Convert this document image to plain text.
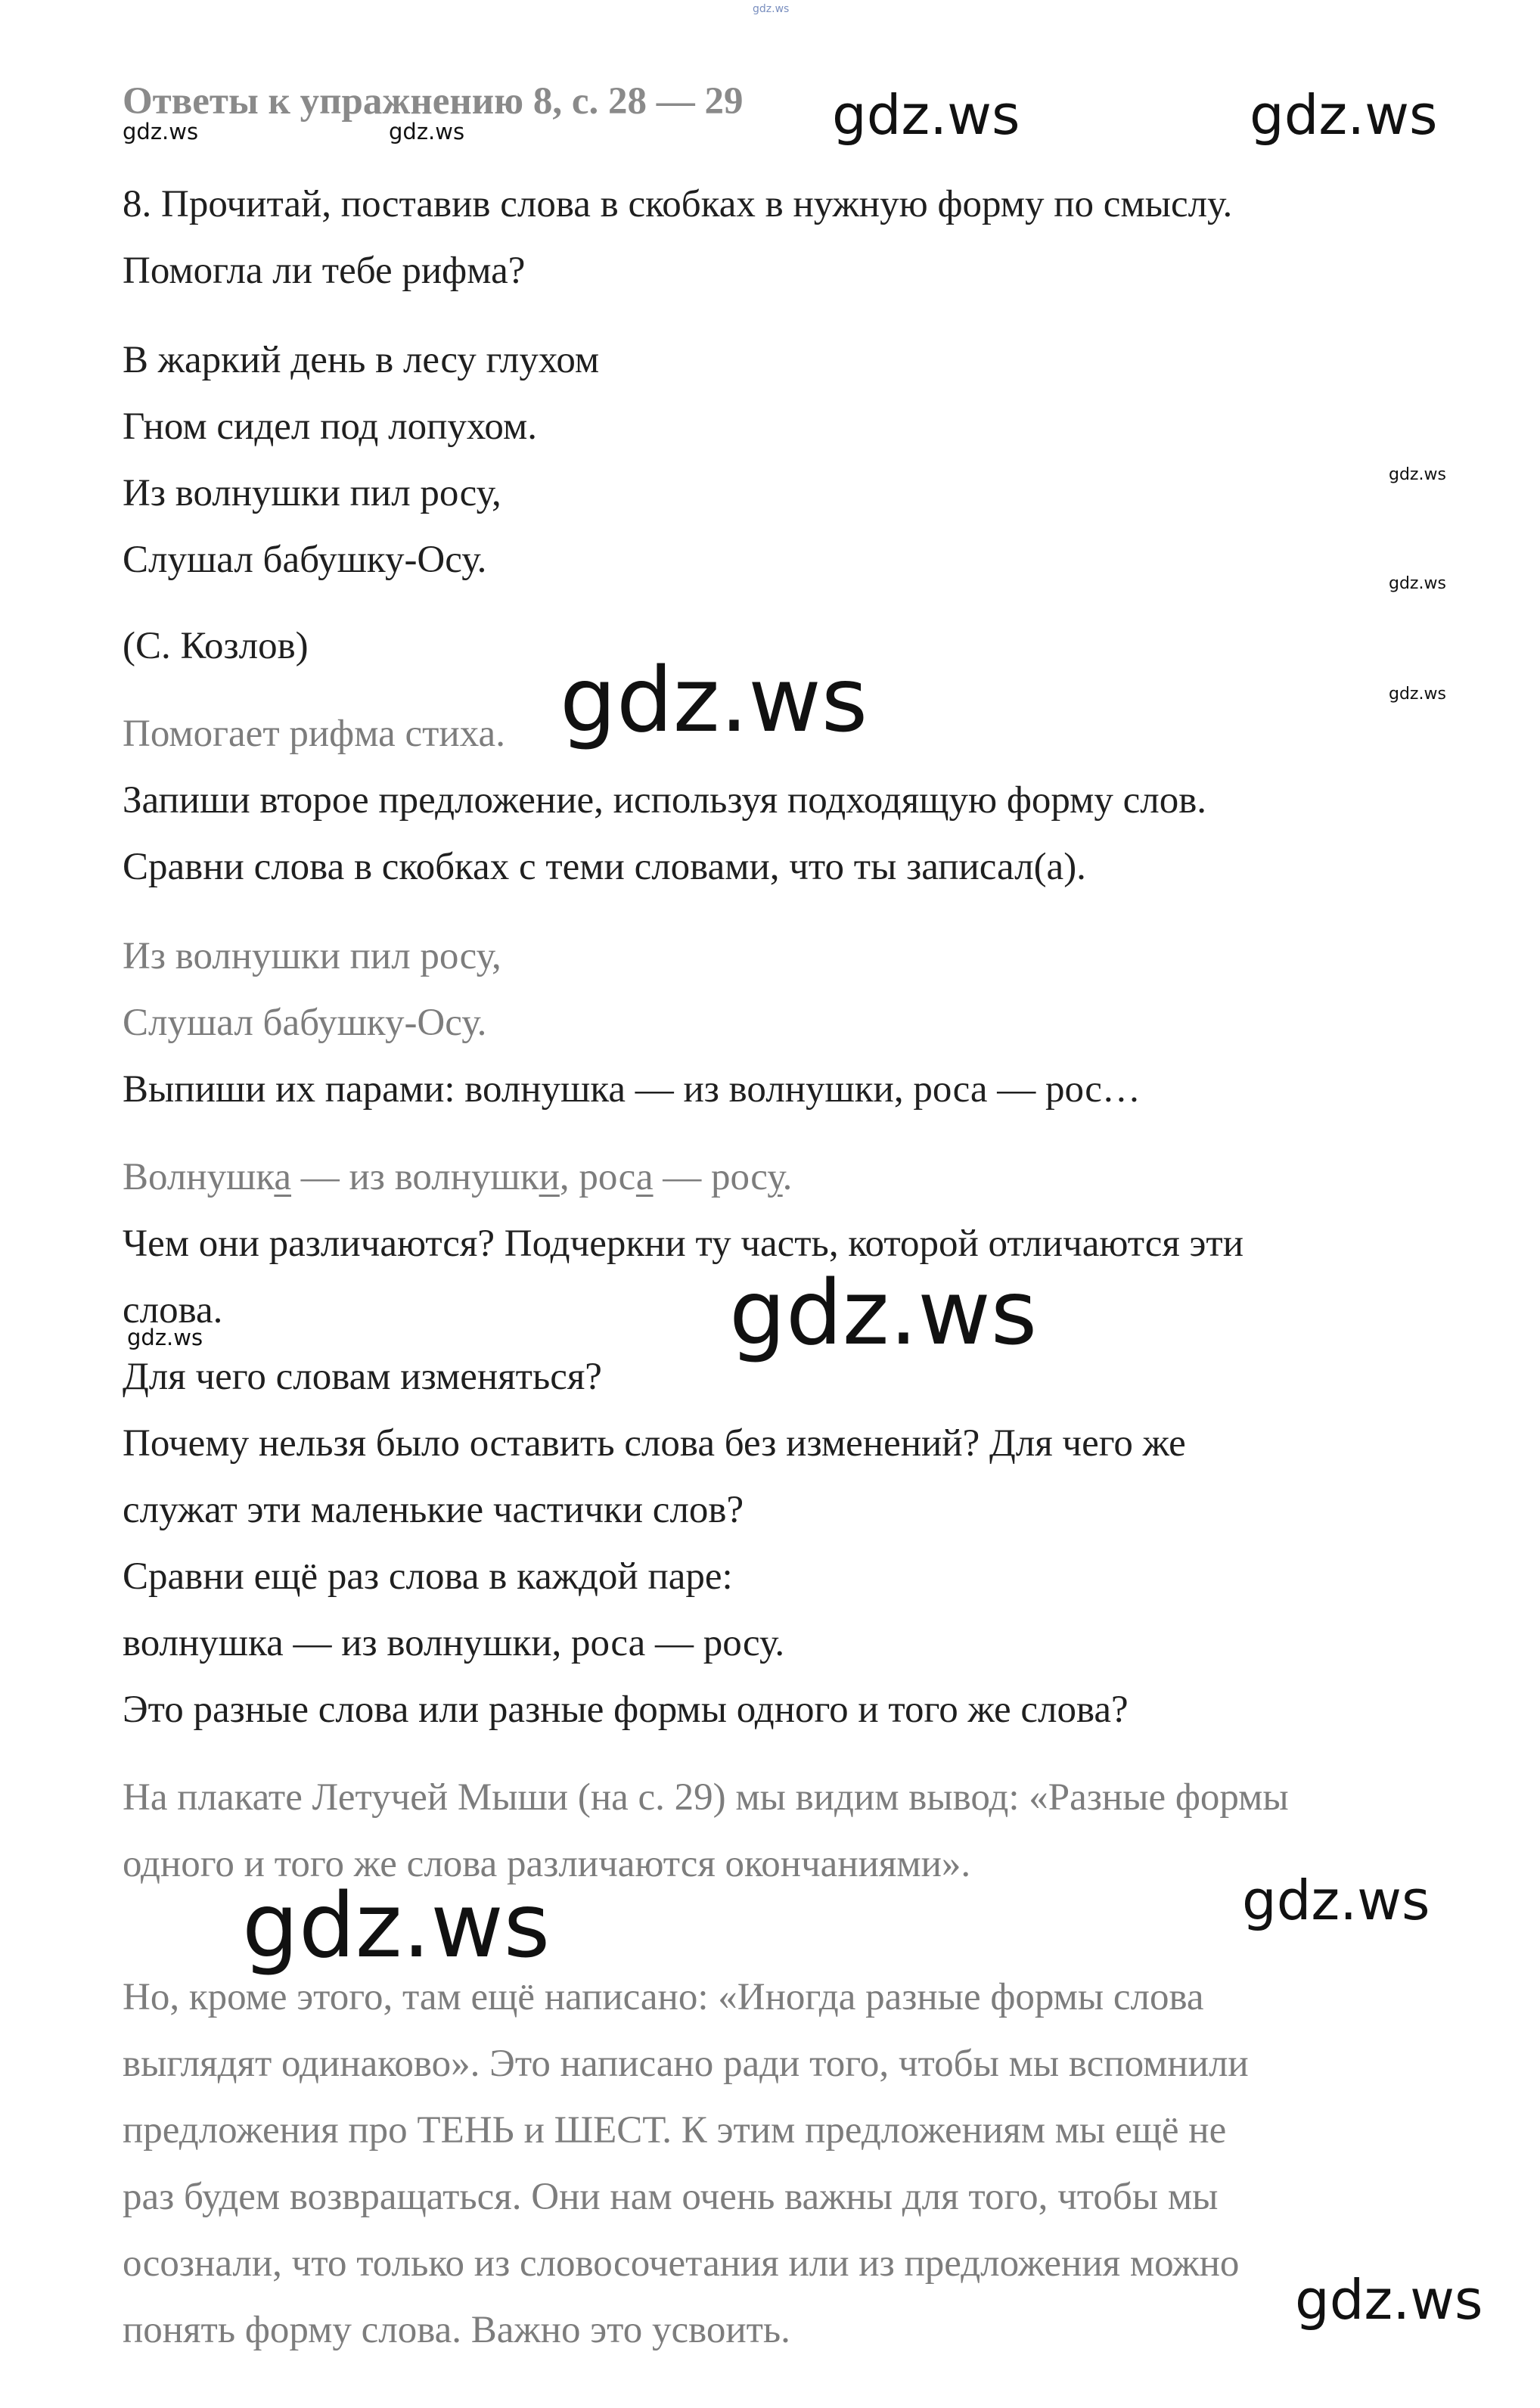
gdz.ws
Ответы к упражнению 8, с. 28 — 29 gdz.ws	gdz.ws
gdz.ws	gdz.ws
8. Прочитай, поставив слова в скобках в нужную форму по смыслу.
Помогла ли тебе рифма?
В жаркий день в лесу глухом
Гном сидел под лопухом.
Из волнушки пил росу,
Слушал бабушку-Осу.
(С. Козлов)
gdz.ws
gdz.ws
gdz.ws
Помогает рифма стиха. gdz.ws
Запиши второе предложение, используя подходящую форму слов.
Сравни слова в скобках с теми словами, что ты записал(а).
Из волнушки пил росу,
Слушал бабушку-Осу.
Выпиши их парами: волнушка — из волнушки, роса — рос…
Волнушка — из волнушки, роса — росу.
Чем они различаются? Подчеркни ту часть, которой отличаются эти
слова.
gdz.ws	gdz.ws
Для чего словам изменяться?
Почему нельзя было оставить слова без изменений? Для чего же
служат эти маленькие частички слов?
Сравни ещё раз слова в каждой паре:
волнушка — из волнушки, роса — росу.
Это разные слова или разные формы одного и того же слова?
На плакате Летучей Мыши (на с. 29) мы видим вывод: «Разные формы
одного и того же слова различаются окончаниями».
gdz.ws	gdz.ws
Но, кроме этого, там ещё написано: «Иногда разные формы слова
выглядят одинаково». Это написано ради того, чтобы мы вспомнили
предложения про ТЕНЬ и ШЕСТ. К этим предложениям мы ещё не
раз будем возвращаться. Они нам очень важны для того, чтобы мы
осознали, что только из словосочетания или из предложения можно
понять форму слова. Важно это усвоить.	gdz.ws
